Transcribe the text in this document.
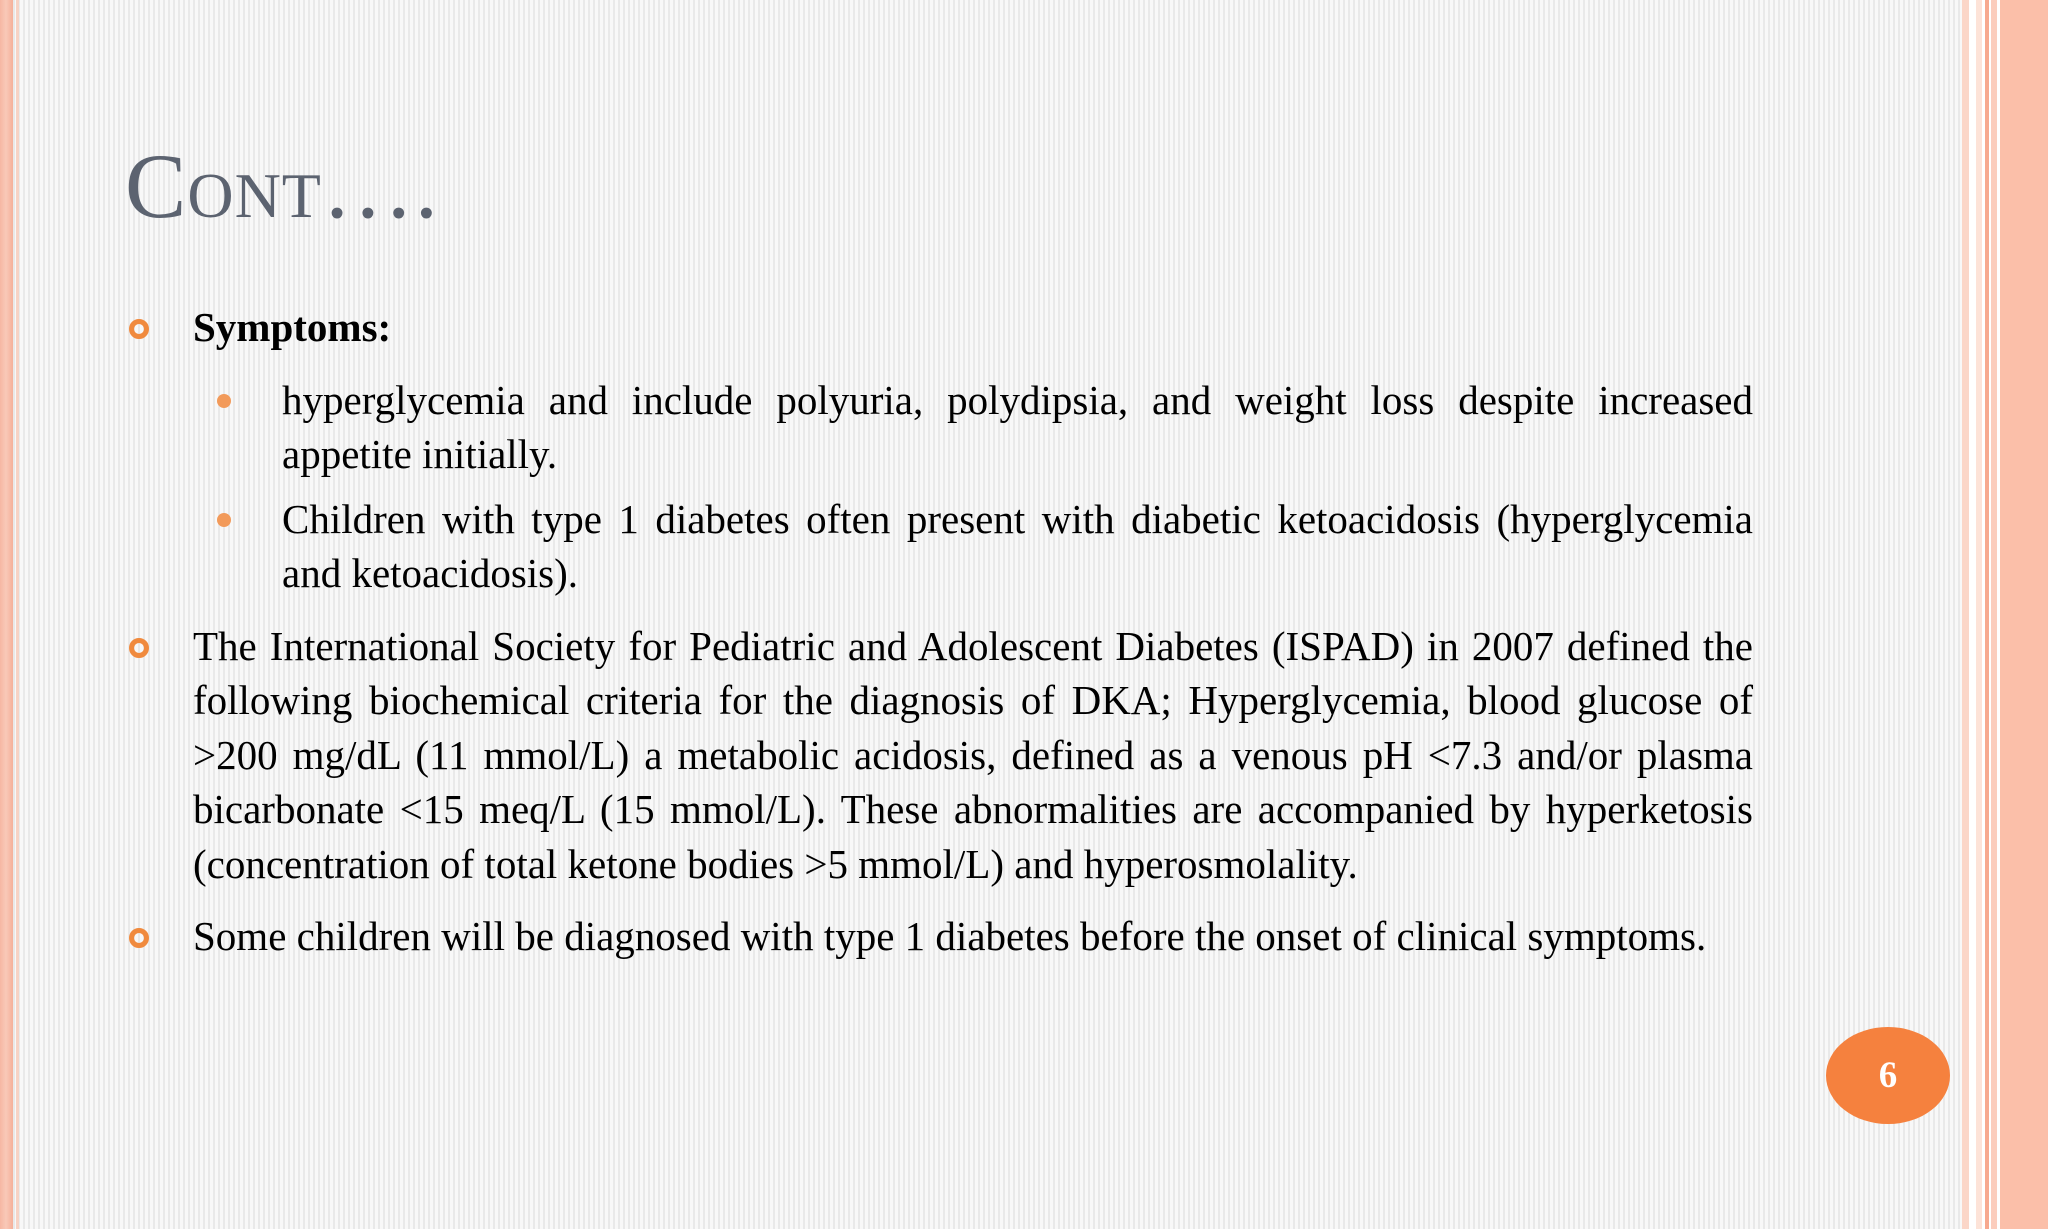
Cont….
Symptoms:
hyperglycemia and include polyuria, polydipsia, and weight loss despite increased appetite initially.
Children with type 1 diabetes often present with diabetic ketoacidosis (hyperglycemia and ketoacidosis).
The International Society for Pediatric and Adolescent Diabetes (ISPAD) in 2007 defined the following biochemical criteria for the diagnosis of DKA; Hyperglycemia, blood glucose of >200 mg/dL (11 mmol/L) a metabolic acidosis, defined as a venous pH <7.3 and/or plasma bicarbonate <15 meq/L (15 mmol/L). These abnormalities are accompanied by hyperketosis (concentration of total ketone bodies >5 mmol/L) and hyperosmolality.
Some children will be diagnosed with type 1 diabetes before the onset of clinical symptoms.
6
